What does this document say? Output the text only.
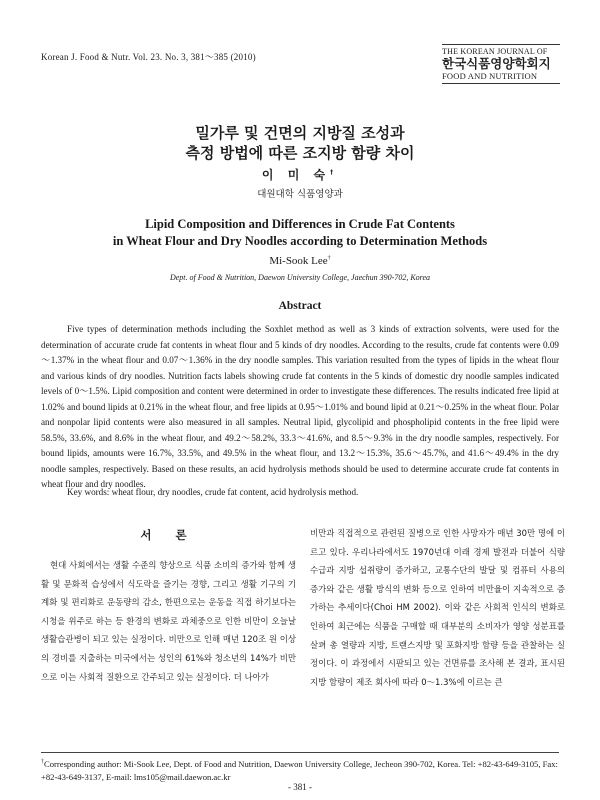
Korean J. Food & Nutr. Vol. 23. No. 3, 381～385 (2010)
THE KOREAN JOURNAL OF
한국식품영양학회지
FOOD AND NUTRITION
밀가루 및 건면의 지방질 조성과
측정 방법에 따른 조지방 함량 차이
이 미 숙†
대원대학 식품영양과
Lipid Composition and Differences in Crude Fat Contents
in Wheat Flour and Dry Noodles according to Determination Methods
Mi-Sook Lee†
Dept. of Food & Nutrition, Daewon University College, Jaechun 390-702, Korea
Abstract

Five types of determination methods including the Soxhlet method as well as 3 kinds of extraction solvents, were used for the determination of accurate crude fat contents in wheat flour and 5 kinds of dry noodles. According to the results, crude fat contents were 0.09～1.37% in the wheat flour and 0.07～1.36% in the dry noodle samples. This variation resulted from the types of lipids in the wheat flour and various kinds of dry noodles. Nutrition facts labels showing crude fat contents in the 5 kinds of domestic dry noodle samples indicated levels of 0～1.5%. Lipid composition and content were determined in order to investigate these differences. The results indicated free lipid at 1.02% and bound lipids at 0.21% in the wheat flour, and free lipids at 0.95～1.01% and bound lipid at 0.21～0.25% in the wheat flour. Polar and nonpolar lipid contents were also measured in all samples. Neutral lipid, glycolipid and phospholipid contents in the free lipid were 58.5%, 33.6%, and 8.6% in the wheat flour, and 49.2～58.2%, 33.3～41.6%, and 8.5～9.3% in the dry noodle samples, respectively. For bound lipids, amounts were 16.7%, 33.5%, and 49.5% in the wheat flour, and 13.2～15.3%, 35.6～45.7%, and 41.6～49.4% in the dry noodle samples, respectively. Based on these results, an acid hydrolysis methods should be used to determine accurate crude fat contents in wheat flour and dry noodles.

Key words: wheat flour, dry noodles, crude fat content, acid hydrolysis method.
서 론

현대 사회에서는 생활 수준의 향상으로 식품 소비의 증가와 함께 생활 및 문화적 습성에서 식도락을 즐기는 경향, 그리고 생활 기구의 기계화 및 편리화로 운동량의 감소, 한편으로는 운동을 직접 하기보다는 시청을 위주로 하는 등 환경의 변화로 과체중으로 인한 비만이 오늘날 생활습관병이 되고 있는 실정이다. 비만으로 인해 매년 120조 원 이상의 경비를 지출하는 미국에서는 성인의 61%와 청소년의 14%가 비만으로 이는 사회적 질환으로 간주되고 있는 실정이다. 더 나아가

비만과 직접적으로 관련된 질병으로 인한 사망자가 매년 30만 명에 이르고 있다. 우리나라에서도 1970년대 이래 경제 발전과 더불어 식량 수급과 지방 섭취량이 증가하고, 교통수단의 발달 및 컴퓨터 사용의 증가와 같은 생활 방식의 변화 등으로 인하여 비만율이 지속적으로 증가하는 추세이다(Choi HM 2002). 이와 같은 사회적 인식의 변화로 인하여 최근에는 식품을 구매할 때 대부분의 소비자가 영양 성분표를 살펴 총 열량과 지방, 트랜스지방 및 포화지방 함량 등을 관찰하는 실정이다. 이 과정에서 시판되고 있는 건면류를 조사해 본 결과, 표시된 지방 함량이 제조 회사에 따라 0～1.3%에 이르는 큰

†Corresponding author: Mi-Sook Lee, Dept. of Food and Nutrition, Daewon University College, Jecheon 390-702, Korea. Tel: +82-43-649-3105, Fax: +82-43-649-3137, E-mail: lms105@mail.daewon.ac.kr
- 381 -
